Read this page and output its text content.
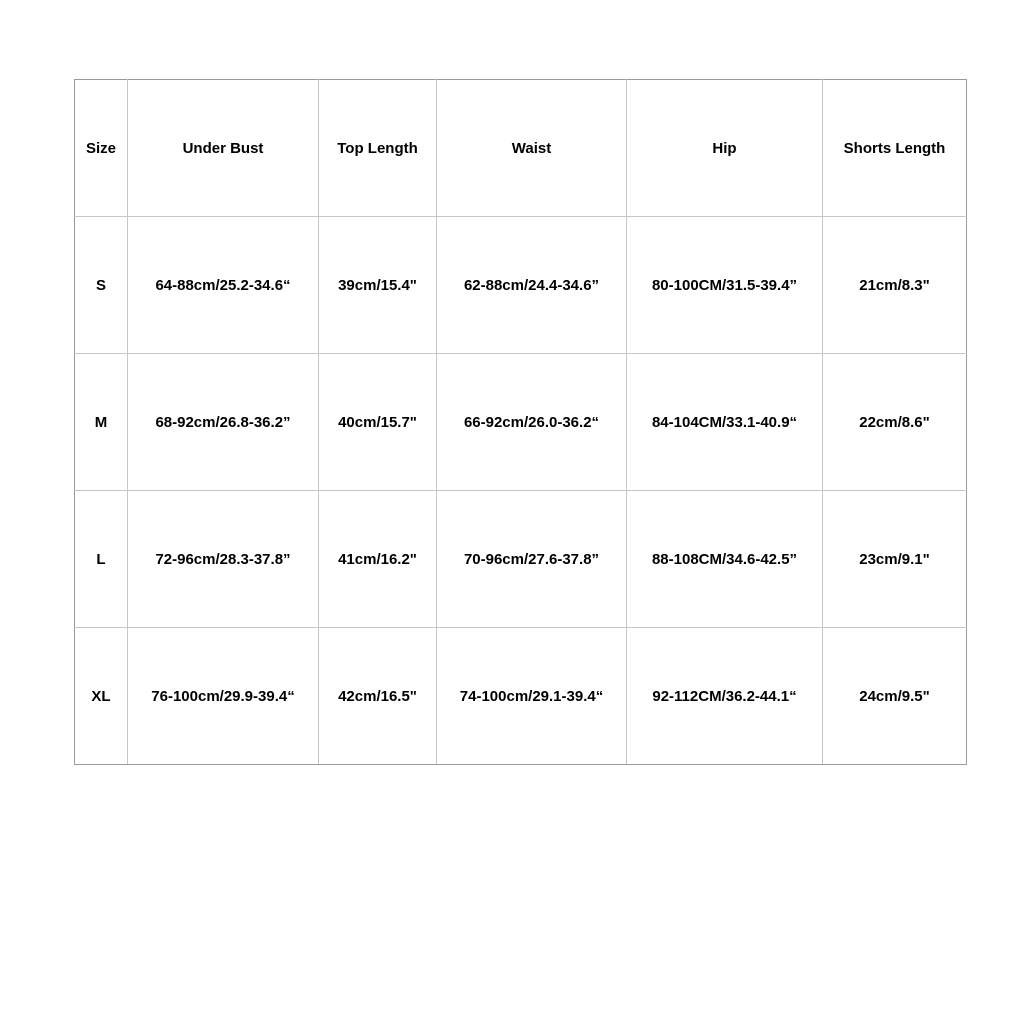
Size	Under Bust	Top Length	Waist	Hip	Shorts Length
S	64-88cm/25.2-34.6“	39cm/15.4"	62-88cm/24.4-34.6”	80-100CM/31.5-39.4”	21cm/8.3"
M	68-92cm/26.8-36.2”	40cm/15.7"	66-92cm/26.0-36.2“	84-104CM/33.1-40.9“	22cm/8.6"
L	72-96cm/28.3-37.8”	41cm/16.2"	70-96cm/27.6-37.8”	88-108CM/34.6-42.5”	23cm/9.1"
XL	76-100cm/29.9-39.4“	42cm/16.5"	74-100cm/29.1-39.4“	92-112CM/36.2-44.1“	24cm/9.5"
